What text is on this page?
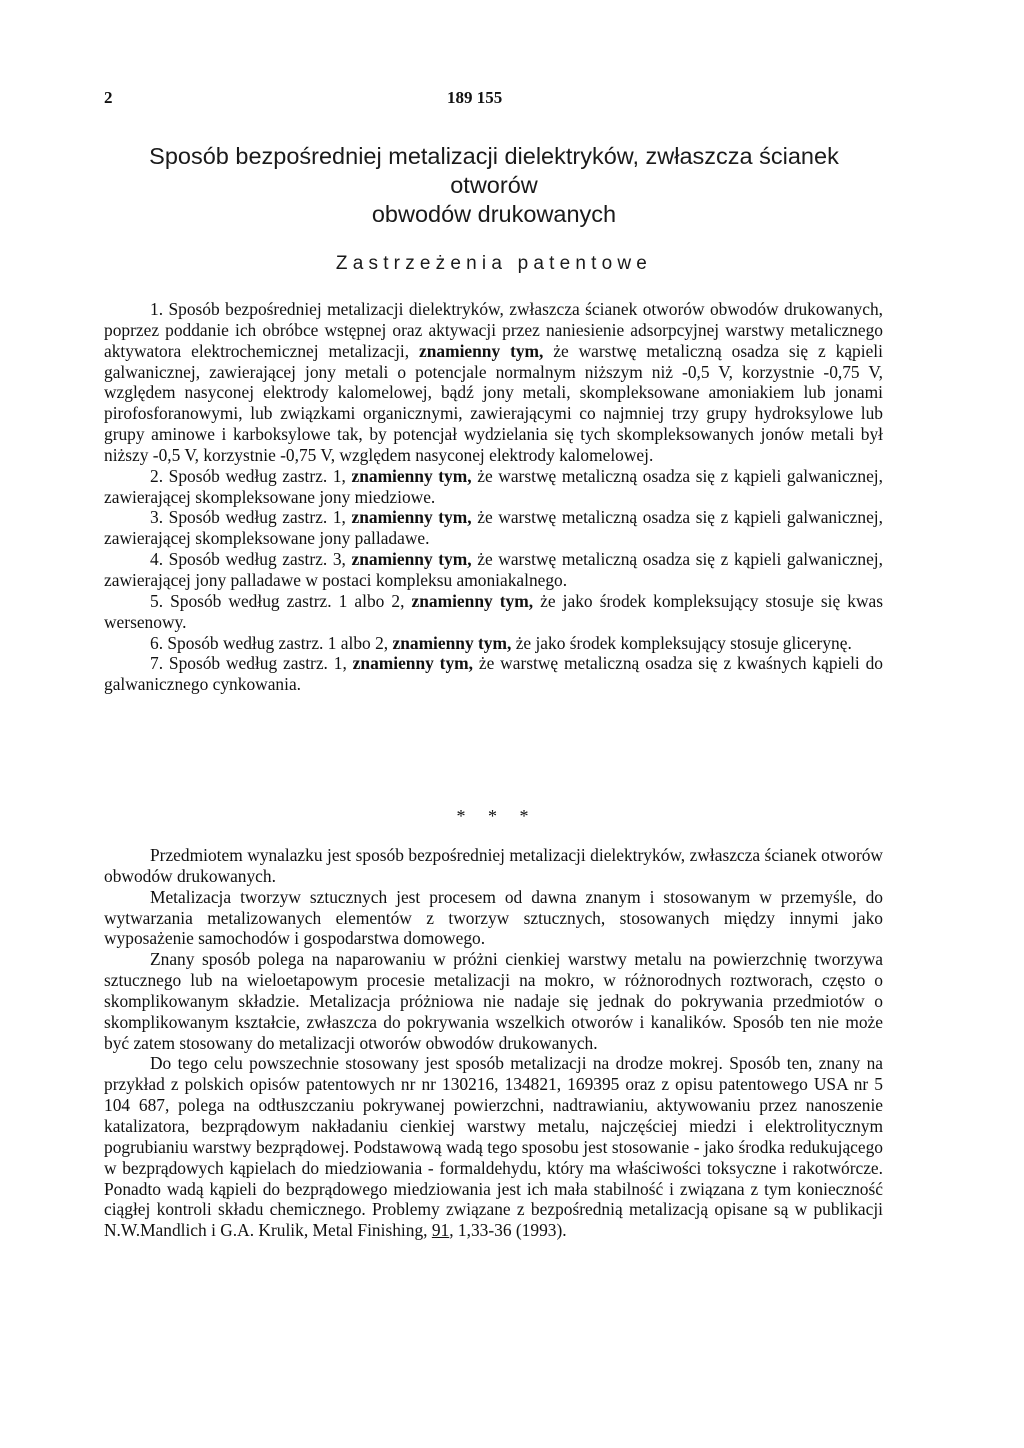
2	189 155
Sposób bezpośredniej metalizacji dielektryków, zwłaszcza ścianek otworów
obwodów drukowanych
Zastrzeżenia patentowe

1. Sposób bezpośredniej metalizacji dielektryków, zwłaszcza ścianek otworów obwodów drukowanych, poprzez poddanie ich obróbce wstępnej oraz aktywacji przez naniesienie adsorpcyjnej warstwy metalicznego aktywatora elektrochemicznej metalizacji, znamienny tym, że warstwę metaliczną osadza się z kąpieli galwanicznej, zawierającej jony metali o potencjale normalnym niższym niż -0,5 V, korzystnie -0,75 V, względem nasyconej elektrody kalomelowej, bądź jony metali, skompleksowane amoniakiem lub jonami pirofosforanowymi, lub związkami organicznymi, zawierającymi co najmniej trzy grupy hydroksylowe lub grupy aminowe i karboksylowe tak, by potencjał wydzielania się tych skompleksowanych jonów metali był niższy -0,5 V, korzystnie -0,75 V, względem nasyconej elektrody kalomelowej.

2. Sposób według zastrz. 1, znamienny tym, że warstwę metaliczną osadza się z kąpieli galwanicznej, zawierającej skompleksowane jony miedziowe.

3. Sposób według zastrz. 1, znamienny tym, że warstwę metaliczną osadza się z kąpieli galwanicznej, zawierającej skompleksowane jony palladawe.

4. Sposób według zastrz. 3, znamienny tym, że warstwę metaliczną osadza się z kąpieli galwanicznej, zawierającej jony palladawe w postaci kompleksu amoniakalnego.

5. Sposób według zastrz. 1 albo 2, znamienny tym, że jako środek kompleksujący stosuje się kwas wersenowy.

6. Sposób według zastrz. 1 albo 2, znamienny tym, że jako środek kompleksujący stosuje glicerynę.

7. Sposób według zastrz. 1, znamienny tym, że warstwę metaliczną osadza się z kwaśnych kąpieli do galwanicznego cynkowania.

* * *

Przedmiotem wynalazku jest sposób bezpośredniej metalizacji dielektryków, zwłaszcza ścianek otworów obwodów drukowanych.

Metalizacja tworzyw sztucznych jest procesem od dawna znanym i stosowanym w przemyśle, do wytwarzania metalizowanych elementów z tworzyw sztucznych, stosowanych między innymi jako wyposażenie samochodów i gospodarstwa domowego.

Znany sposób polega na naparowaniu w próżni cienkiej warstwy metalu na powierzchnię tworzywa sztucznego lub na wieloetapowym procesie metalizacji na mokro, w różnorodnych roztworach, często o skomplikowanym składzie. Metalizacja próżniowa nie nadaje się jednak do pokrywania przedmiotów o skomplikowanym kształcie, zwłaszcza do pokrywania wszelkich otworów i kanalików. Sposób ten nie może być zatem stosowany do metalizacji otworów obwodów drukowanych.

Do tego celu powszechnie stosowany jest sposób metalizacji na drodze mokrej. Sposób ten, znany na przykład z polskich opisów patentowych nr nr 130216, 134821, 169395 oraz z opisu patentowego USA nr 5 104 687, polega na odtłuszczaniu pokrywanej powierzchni, nadtrawianiu, aktywowaniu przez nanoszenie katalizatora, bezprądowym nakładaniu cienkiej warstwy metalu, najczęściej miedzi i elektrolitycznym pogrubianiu warstwy bezprądowej. Podstawową wadą tego sposobu jest stosowanie - jako środka redukującego w bezprądowych kąpielach do miedziowania - formaldehydu, który ma właściwości toksyczne i rakotwórcze. Ponadto wadą kąpieli do bezprądowego miedziowania jest ich mała stabilność i związana z tym konieczność ciągłej kontroli składu chemicznego. Problemy związane z bezpośrednią metalizacją opisane są w publikacji N.W.Mandlich i G.A. Krulik, Metal Finishing, 91, 1,33-36 (1993).
